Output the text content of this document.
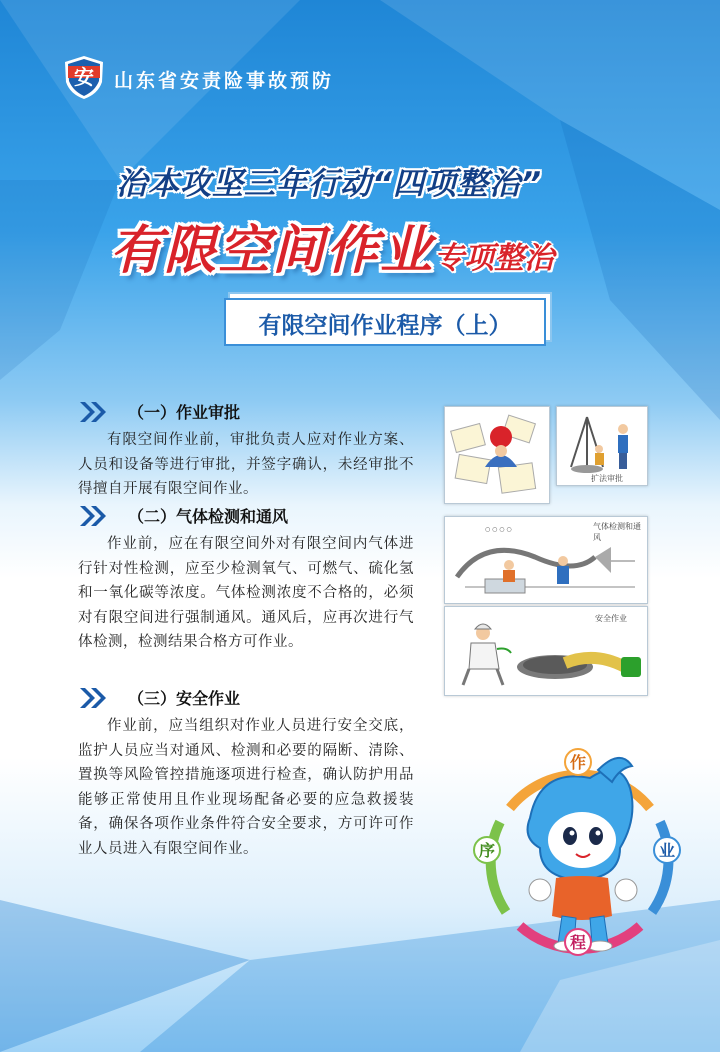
安 山东省安责险事故预防
治本攻坚三年行动“四项整治”
有限空间作业专项整治
有限空间作业程序（上）
（一）作业审批

有限空间作业前，审批负责人应对作业方案、人员和设备等进行审批，并签字确认，未经审批不得擅自开展有限空间作业。

（二）气体检测和通风

作业前，应在有限空间外对有限空间内气体进行针对性检测，应至少检测氧气、可燃气、硫化氢和一氧化碳等浓度。气体检测浓度不合格的，必须对有限空间进行强制通风。通风后，应再次进行气体检测，检测结果合格方可作业。

（三）安全作业

作业前，应当组织对作业人员进行安全交底，监护人员应当对通风、检测和必要的隔断、清除、置换等风险管控措施逐项进行检查，确认防护用品能够正常使用且作业现场配备必要的应急救援装备，确保各项作业条件符合安全要求，方可许可作业人员进入有限空间作业。

扩法审批
○ ○ ○ ○	气体检测和通风
安全作业
作
业
程
序
